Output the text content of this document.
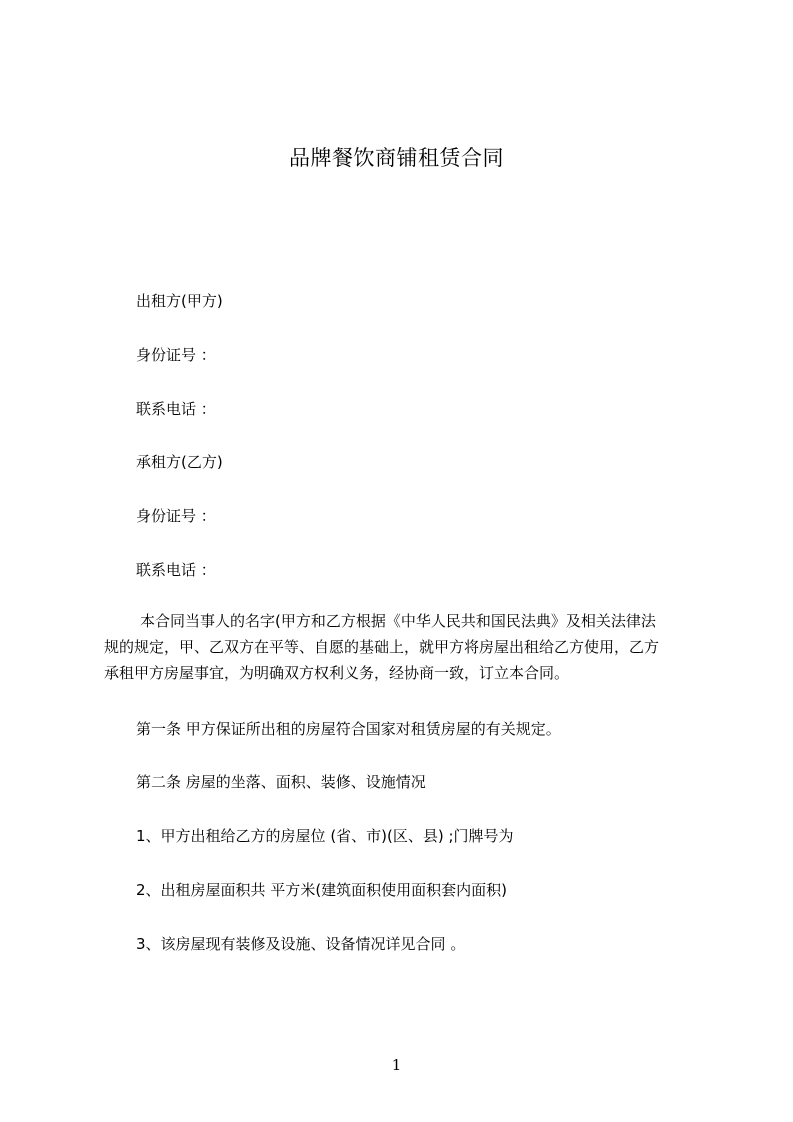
品牌餐饮商铺租赁合同
出租方(甲方)
身份证号 ：
联系电话 ：
承租方(乙方)
身份证号 ：
联系电话 ：

本合同当事人的名字(甲方和乙方根据《中华人民共和国民法典》及相关法律法

规的规定，甲、乙双方在平等、自愿的基础上，就甲方将房屋出租给乙方使用，乙方

承租甲方房屋事宜，为明确双方权利义务，经协商一致，订立本合同。

第一条 甲方保证所出租的房屋符合国家对租赁房屋的有关规定。
第二条 房屋的坐落、面积、装修、设施情况
1、甲方出租给乙方的房屋位 (省、市)(区、县) ;门牌号为
2、出租房屋面积共 平方米(建筑面积使用面积套内面积)
3、该房屋现有装修及设施、设备情况详见合同 。
1
